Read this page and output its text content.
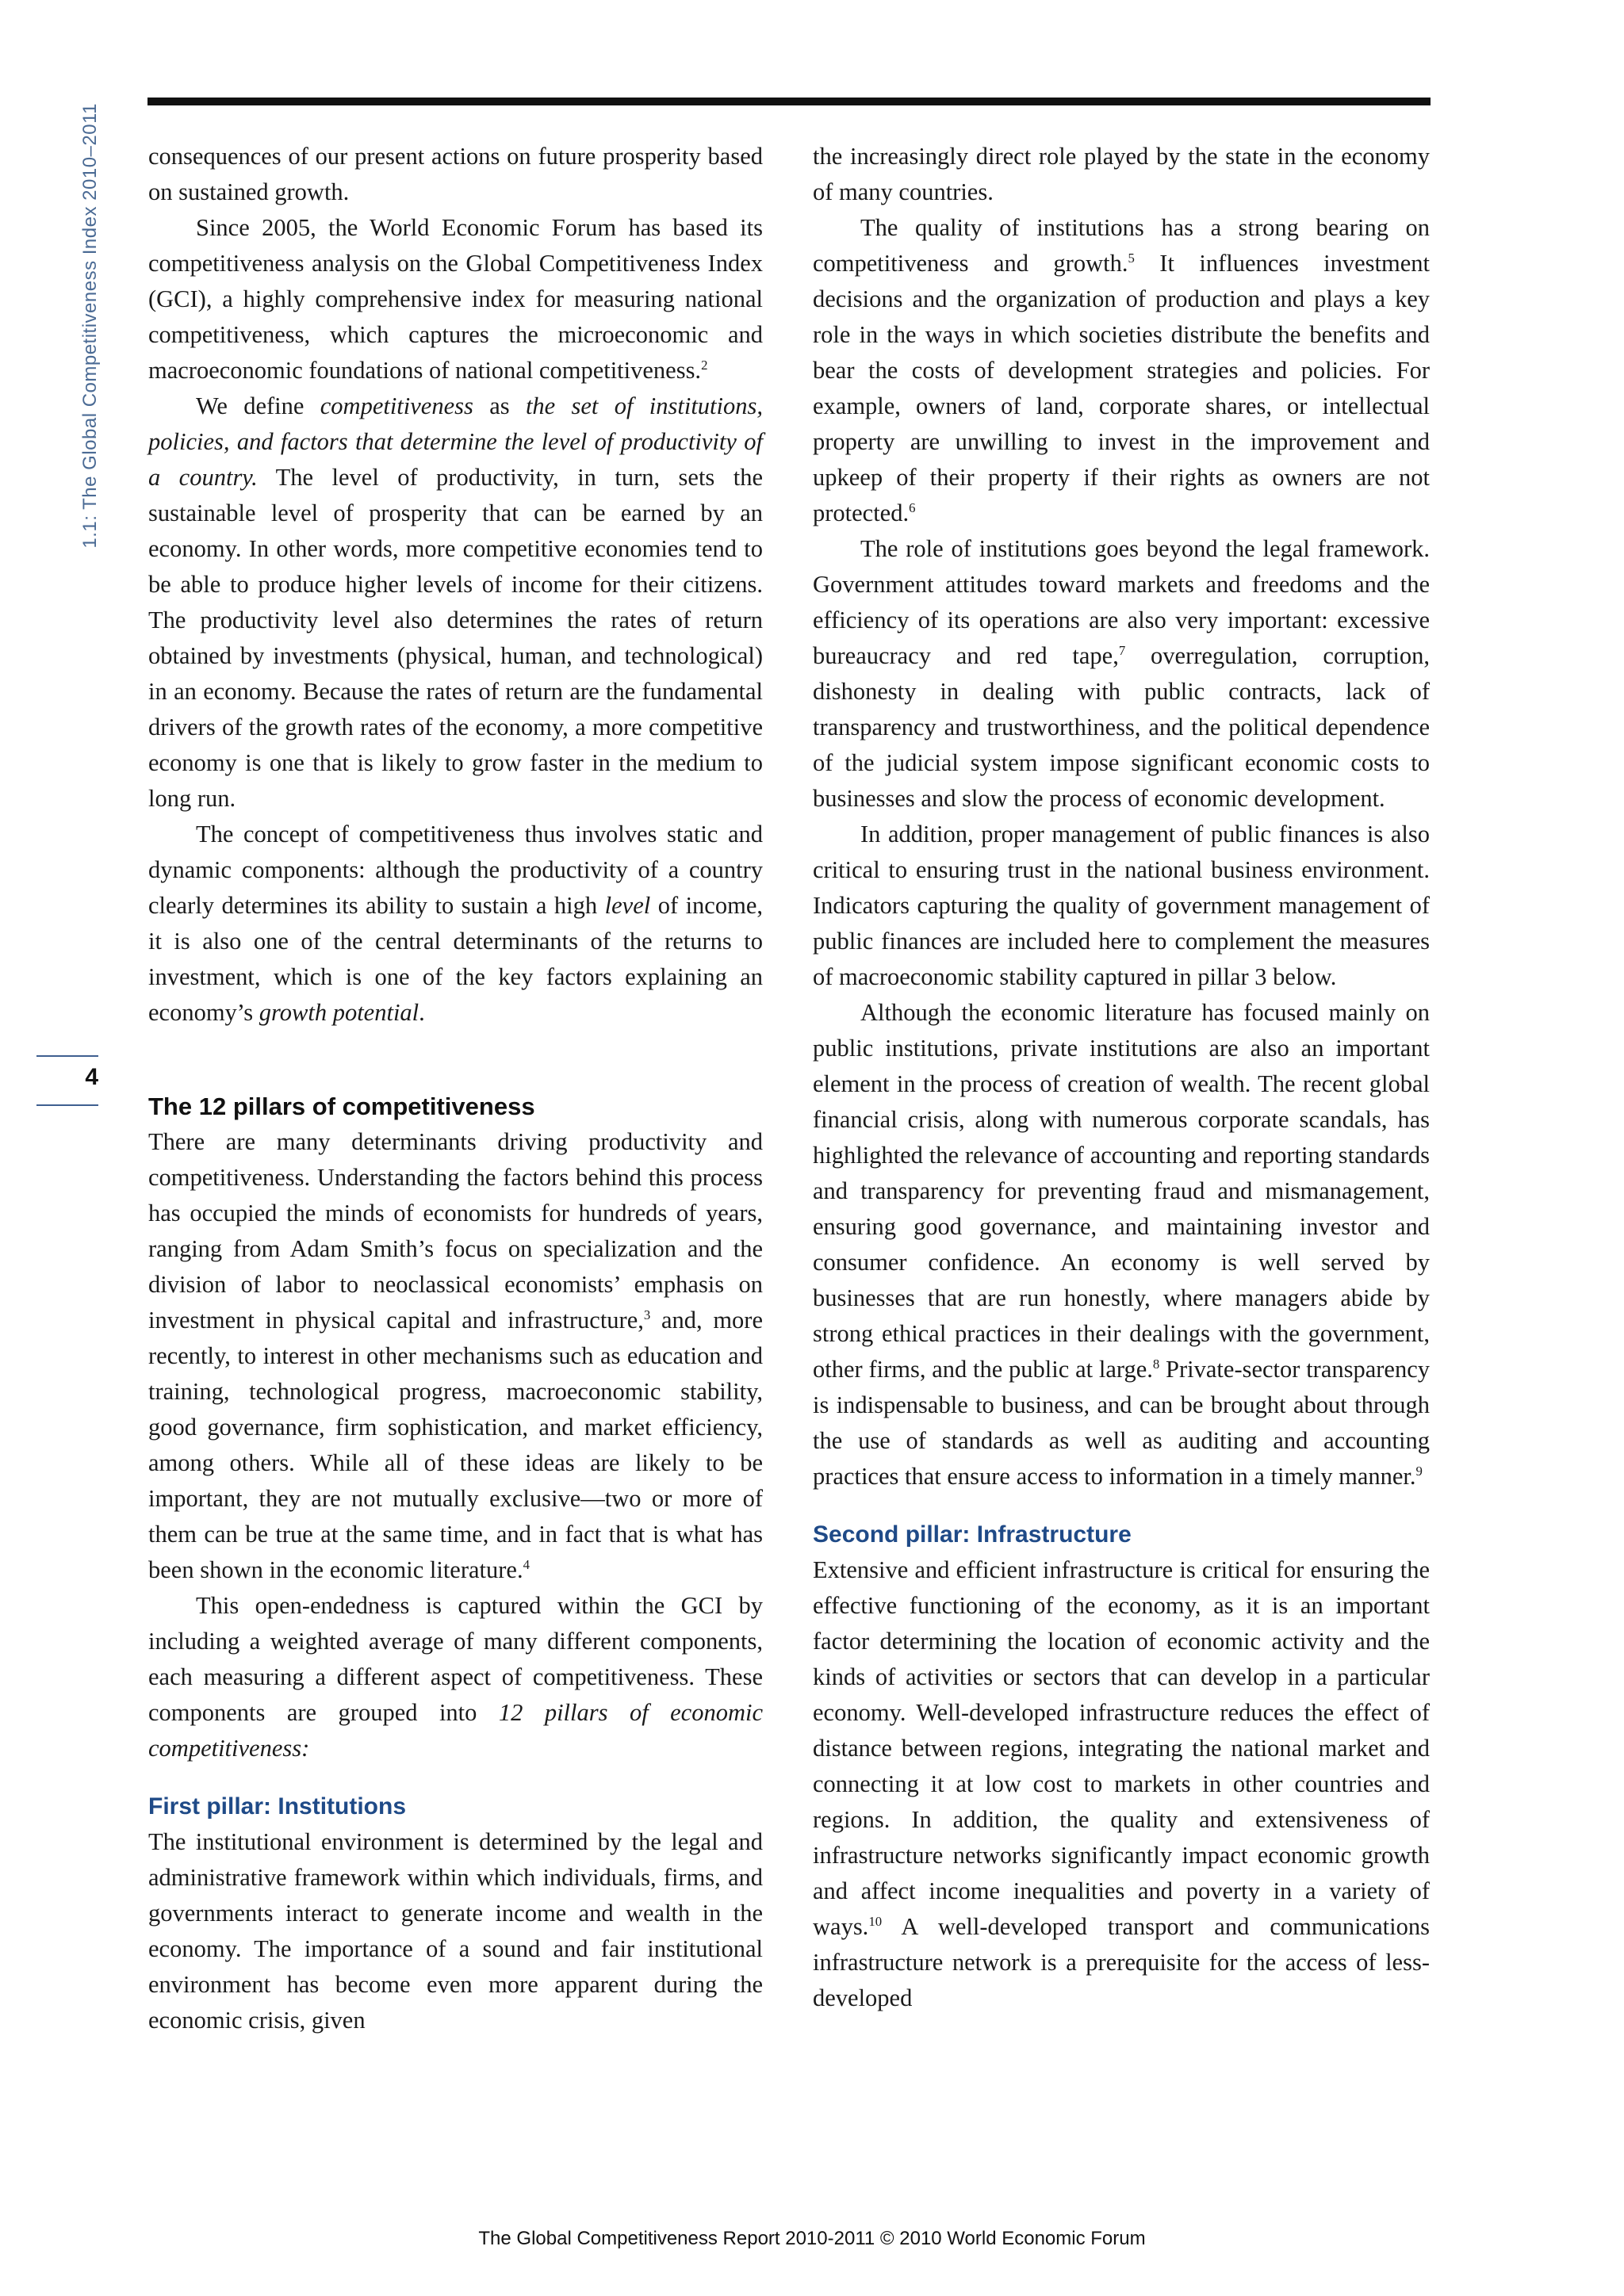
1.1: The Global Competitiveness Index 2010–2011
4

consequences of our present actions on future prosperity based on sustained growth.

Since 2005, the World Economic Forum has based its competitiveness analysis on the Global Competitiveness Index (GCI), a highly comprehensive index for measuring national competitiveness, which captures the microeconomic and macroeconomic foundations of national competitiveness.$^2$

We define competitiveness as the set of institutions, policies, and factors that determine the level of productivity of a country. The level of productivity, in turn, sets the sustainable level of prosperity that can be earned by an economy. In other words, more competitive economies tend to be able to produce higher levels of income for their citizens. The productivity level also determines the rates of return obtained by investments (physical, human, and technological) in an economy. Because the rates of return are the fundamental drivers of the growth rates of the economy, a more competitive economy is one that is likely to grow faster in the medium to long run.

The concept of competitiveness thus involves static and dynamic components: although the productivity of a country clearly determines its ability to sustain a high level of income, it is also one of the central determinants of the returns to investment, which is one of the key factors explaining an economy’s growth potential.

The 12 pillars of competitiveness

There are many determinants driving productivity and competitiveness. Understanding the factors behind this process has occupied the minds of economists for hundreds of years, ranging from Adam Smith’s focus on specialization and the division of labor to neoclassical economists’ emphasis on investment in physical capital and infrastructure,$^3$ and, more recently, to interest in other mechanisms such as education and training, technological progress, macroeconomic stability, good governance, firm sophistication, and market efficiency, among others. While all of these ideas are likely to be important, they are not mutually exclusive—two or more of them can be true at the same time, and in fact that is what has been shown in the economic literature.$^4$

This open-endedness is captured within the GCI by including a weighted average of many different components, each measuring a different aspect of competitiveness. These components are grouped into 12 pillars of economic competitiveness:

First pillar: Institutions

The institutional environment is determined by the legal and administrative framework within which individuals, firms, and governments interact to generate income and wealth in the economy. The importance of a sound and fair institutional environment has become even more apparent during the economic crisis, given

the increasingly direct role played by the state in the economy of many countries.

The quality of institutions has a strong bearing on competitiveness and growth.$^5$ It influences investment decisions and the organization of production and plays a key role in the ways in which societies distribute the benefits and bear the costs of development strategies and policies. For example, owners of land, corporate shares, or intellectual property are unwilling to invest in the improvement and upkeep of their property if their rights as owners are not protected.$^6$

The role of institutions goes beyond the legal framework. Government attitudes toward markets and freedoms and the efficiency of its operations are also very important: excessive bureaucracy and red tape,$^7$ overregulation, corruption, dishonesty in dealing with public contracts, lack of transparency and trustworthiness, and the political dependence of the judicial system impose significant economic costs to businesses and slow the process of economic development.

In addition, proper management of public finances is also critical to ensuring trust in the national business environment. Indicators capturing the quality of government management of public finances are included here to complement the measures of macroeconomic stability captured in pillar 3 below.

Although the economic literature has focused mainly on public institutions, private institutions are also an important element in the process of creation of wealth. The recent global financial crisis, along with numerous corporate scandals, has highlighted the relevance of accounting and reporting standards and transparency for preventing fraud and mismanagement, ensuring good governance, and maintaining investor and consumer confidence. An economy is well served by businesses that are run honestly, where managers abide by strong ethical practices in their dealings with the government, other firms, and the public at large.$^8$ Private-sector transparency is indispensable to business, and can be brought about through the use of standards as well as auditing and accounting practices that ensure access to information in a timely manner.$^9$

Second pillar: Infrastructure

Extensive and efficient infrastructure is critical for ensuring the effective functioning of the economy, as it is an important factor determining the location of economic activity and the kinds of activities or sectors that can develop in a particular economy. Well-developed infrastructure reduces the effect of distance between regions, integrating the national market and connecting it at low cost to markets in other countries and regions. In addition, the quality and extensiveness of infrastructure networks significantly impact economic growth and affect income inequalities and poverty in a variety of ways.$^{10}$ A well-developed transport and communications infrastructure network is a prerequisite for the access of less-developed

The Global Competitiveness Report 2010-2011 © 2010 World Economic Forum
